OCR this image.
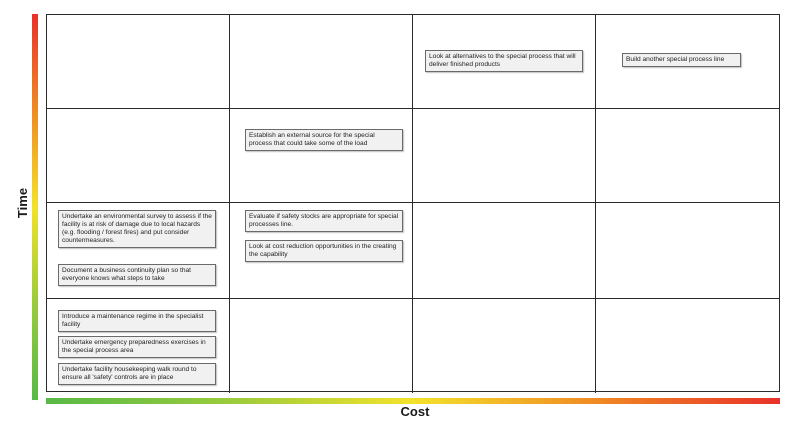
Time
Look at alternatives to the special process that will deliver finished products
Build another special process line
Establish an external source for the special process that could take some of the load
Undertake an environmental survey to assess if the facility is at risk of damage due to local hazards (e.g. flooding / forest fires) and put consider countermeasures.
Document a business continuity plan so that everyone knows what steps to take
Evaluate if safety stocks are appropriate for special processes line.
Look at cost reduction opportunities in the creating the capability
Introduce a maintenance regime in the specialist facility
Undertake emergency preparedness exercises in the special process area
Undertake facility housekeeping walk round to ensure all 'safety' controls are in place
Cost
